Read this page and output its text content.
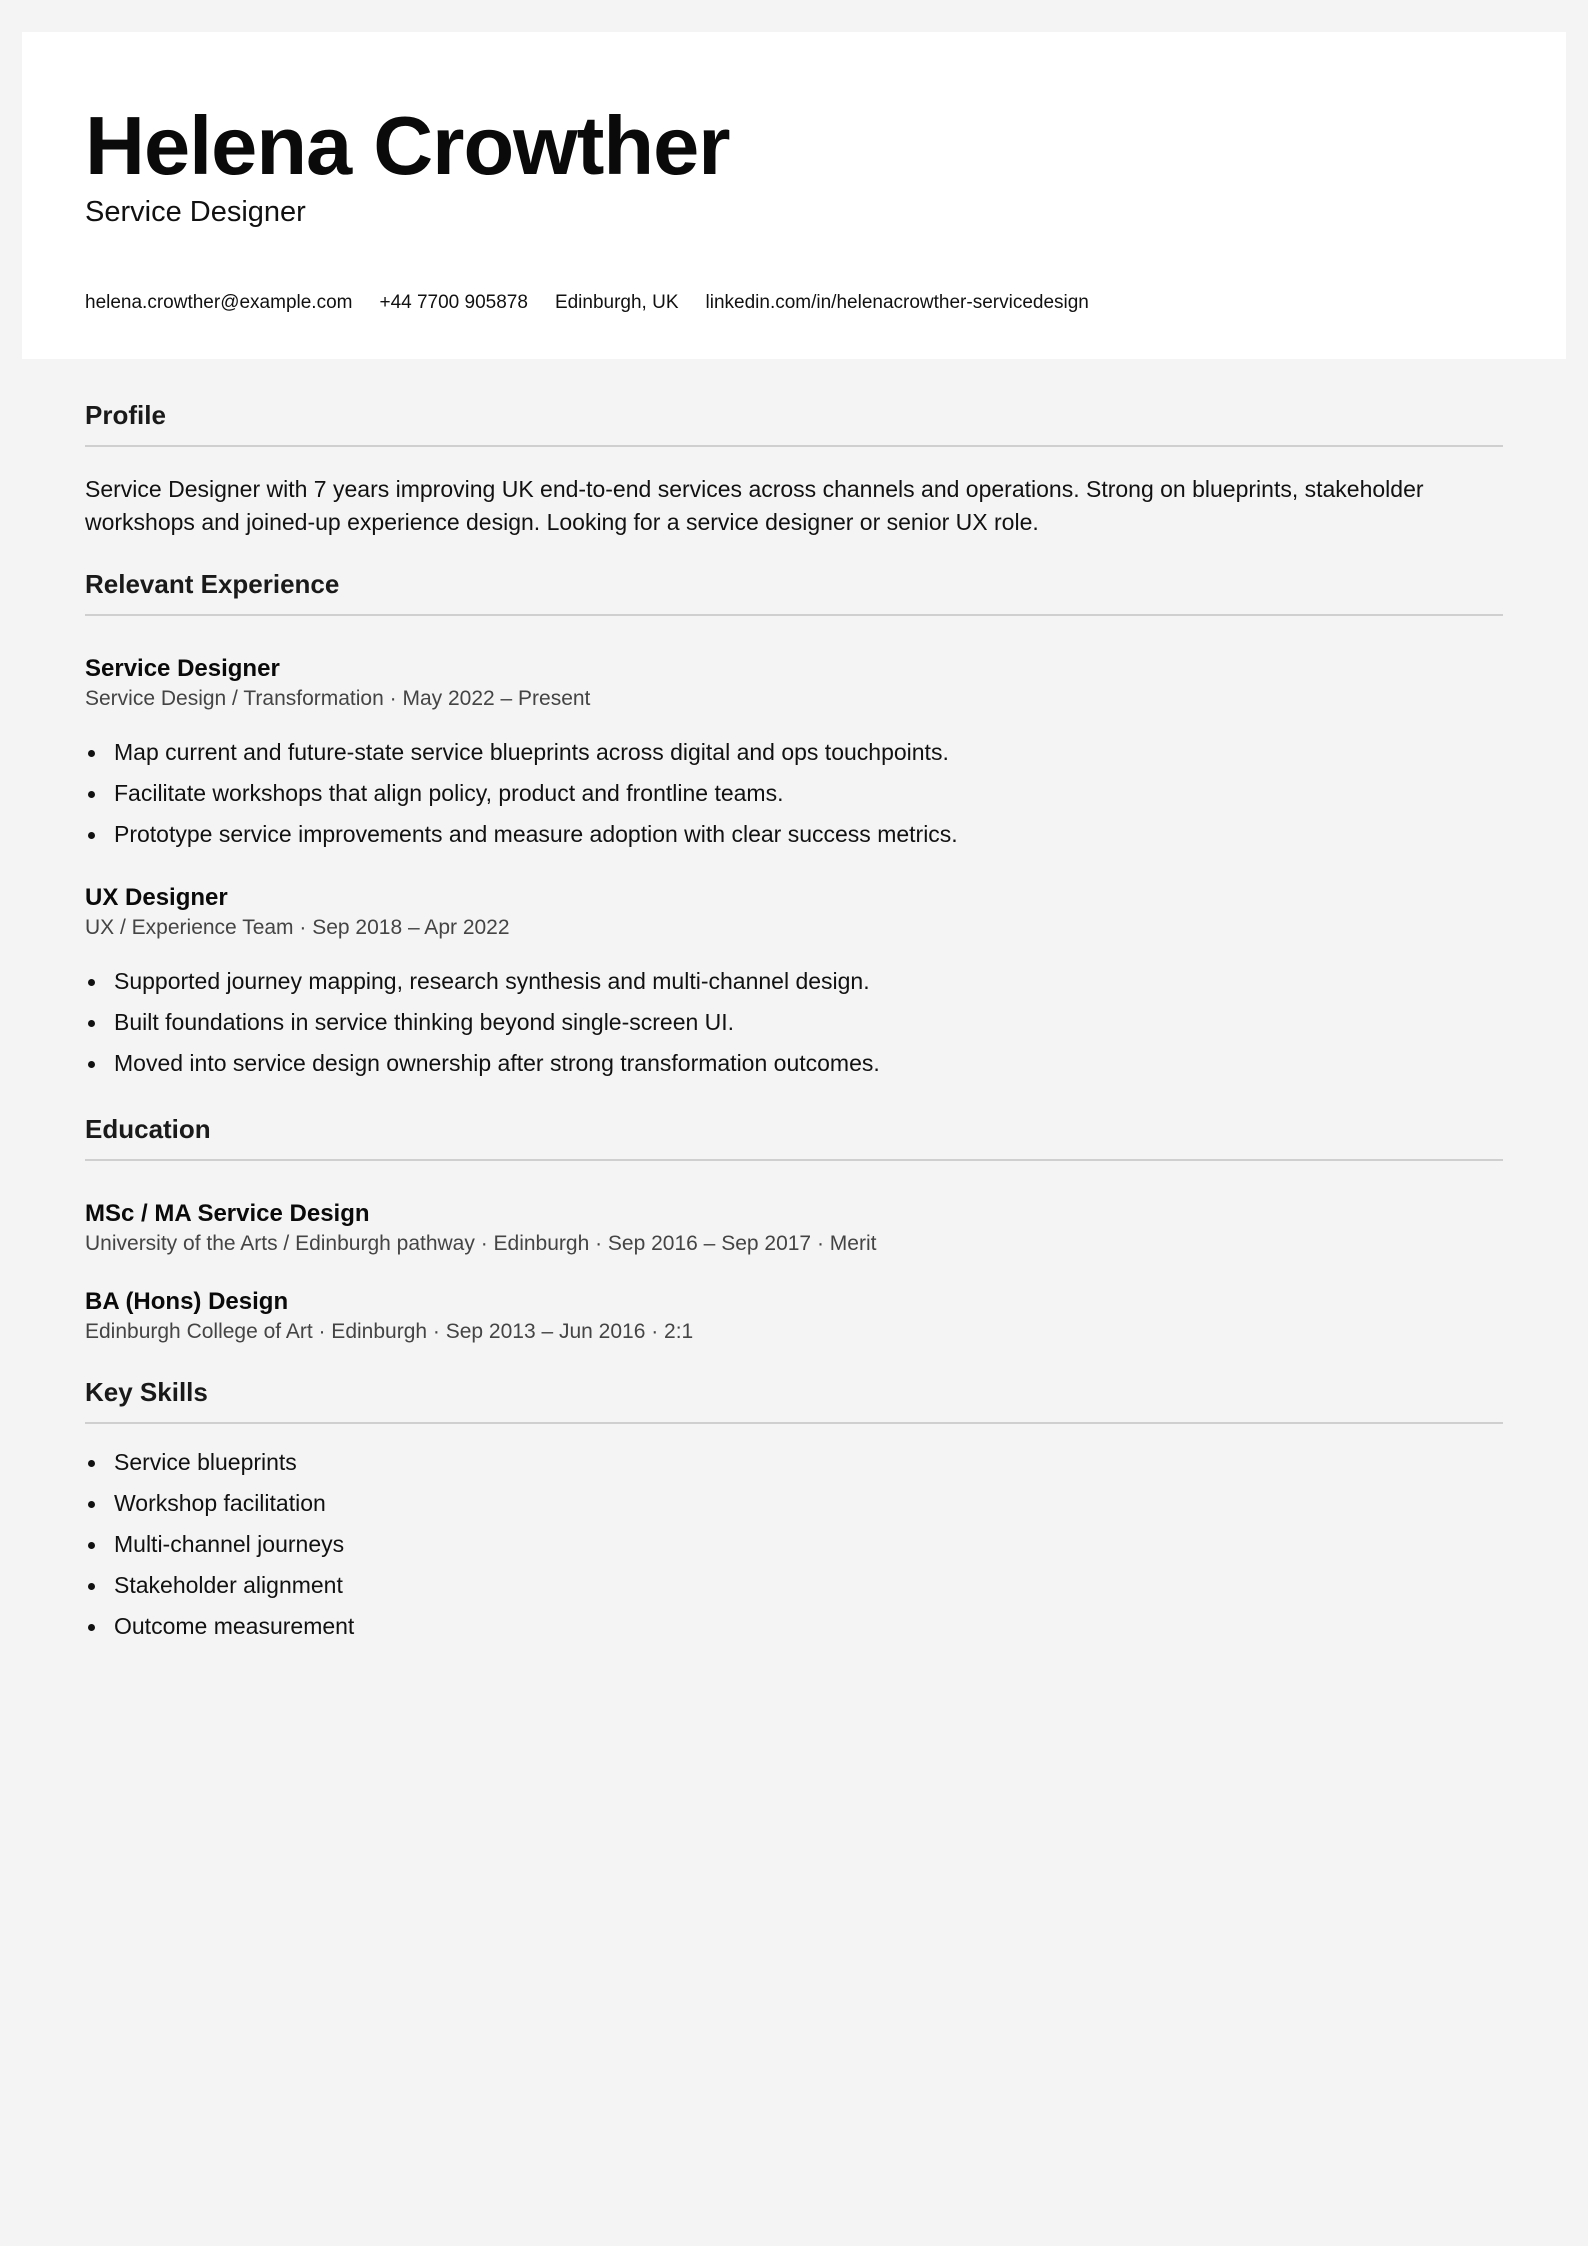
Helena Crowther
Service Designer
helena.crowther@example.com +44 7700 905878 Edinburgh, UK linkedin.com/in/helenacrowther-servicedesign
Profile

Service Designer with 7 years improving UK end-to-end services across channels and operations. Strong on blueprints, stakeholder workshops and joined-up experience design. Looking for a service designer or senior UX role.

Relevant Experience
Service Designer
Service Design / Transformation · May 2022 – Present
Map current and future-state service blueprints across digital and ops touchpoints.
Facilitate workshops that align policy, product and frontline teams.
Prototype service improvements and measure adoption with clear success metrics.
UX Designer
UX / Experience Team · Sep 2018 – Apr 2022
Supported journey mapping, research synthesis and multi-channel design.
Built foundations in service thinking beyond single-screen UI.
Moved into service design ownership after strong transformation outcomes.
Education
MSc / MA Service Design
University of the Arts / Edinburgh pathway · Edinburgh · Sep 2016 – Sep 2017 · Merit
BA (Hons) Design
Edinburgh College of Art · Edinburgh · Sep 2013 – Jun 2016 · 2:1
Key Skills
Service blueprints
Workshop facilitation
Multi-channel journeys
Stakeholder alignment
Outcome measurement
